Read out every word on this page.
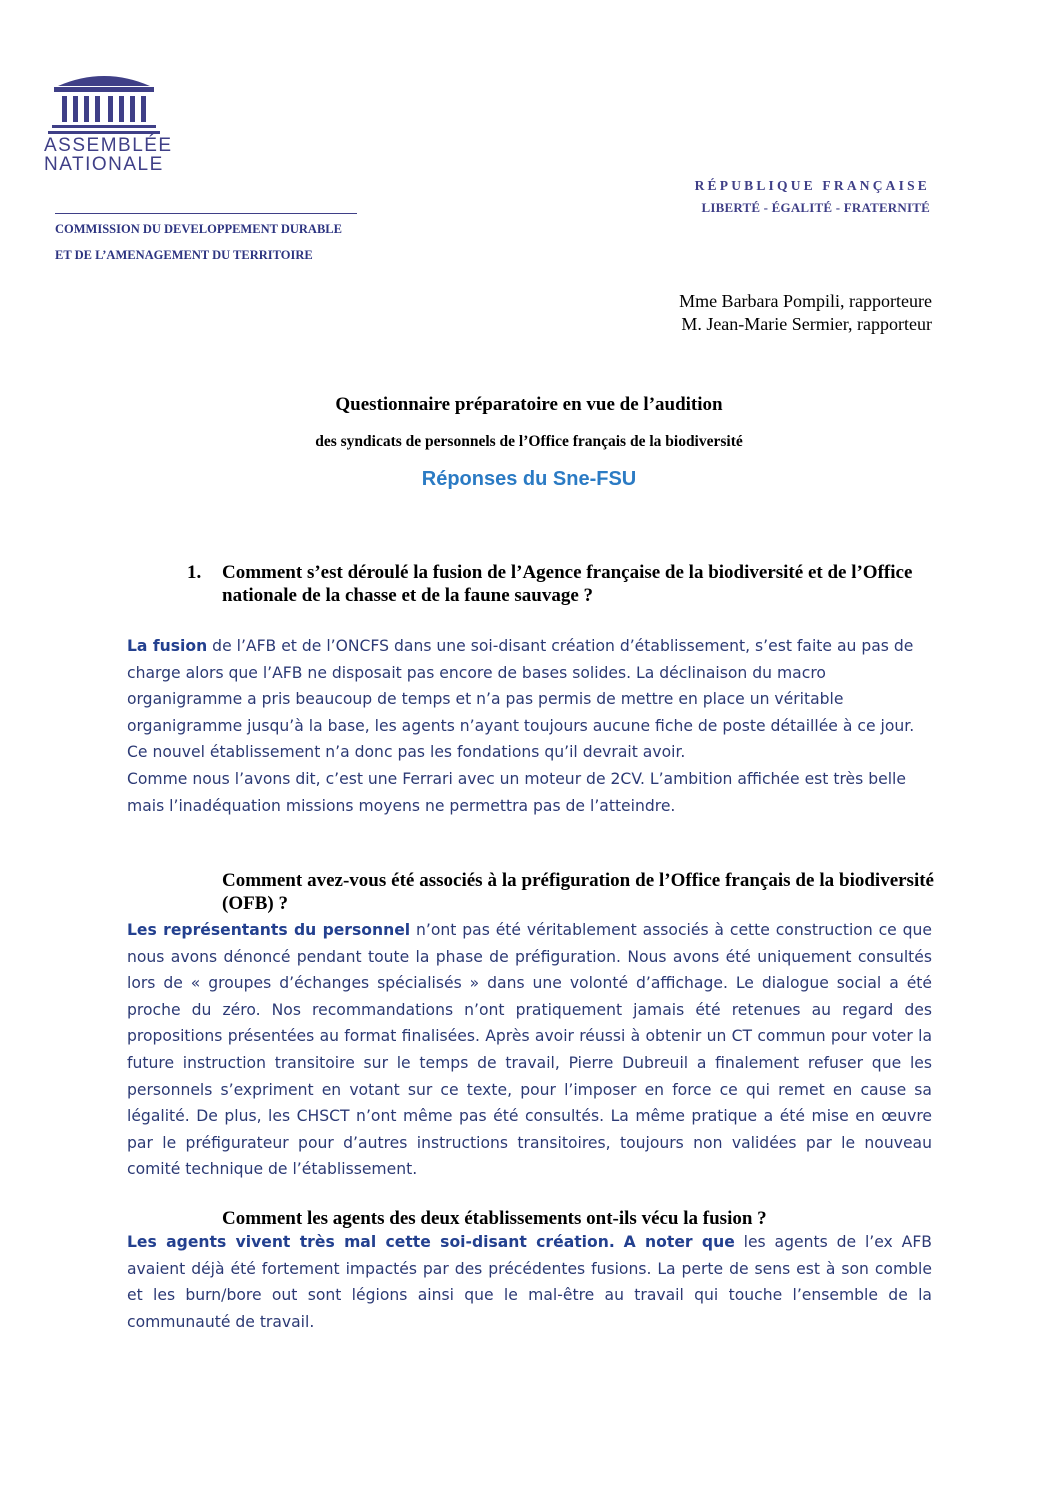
ASSEMBLÉE
NATIONALE
RÉPUBLIQUE FRANÇAISE
LIBERTÉ - ÉGALITÉ - FRATERNITÉ
COMMISSION DU DEVELOPPEMENT DURABLE
ET DE L’AMENAGEMENT DU TERRITOIRE
Mme Barbara Pompili, rapporteure
M. Jean-Marie Sermier, rapporteur
Questionnaire préparatoire en vue de l’audition
des syndicats de personnels de l’Office français de la biodiversité
Réponses du Sne-FSU
1. Comment s’est déroulé la fusion de l’Agence française de la biodiversité et de l’Office nationale de la chasse et de la faune sauvage ?

La fusion de l’AFB et de l’ONCFS dans une soi-disant création d’établissement, s’est faite au pas de charge alors que l’AFB ne disposait pas encore de bases solides. La déclinaison du macro organigramme a pris beaucoup de temps et n’a pas permis de mettre en place un véritable organigramme jusqu’à la base, les agents n’ayant toujours aucune fiche de poste détaillée à ce jour.

Ce nouvel établissement n’a donc pas les fondations qu’il devrait avoir.

Comme nous l’avons dit, c’est une Ferrari avec un moteur de 2CV. L’ambition affichée est très belle mais l’inadéquation missions moyens ne permettra pas de l’atteindre.

Comment avez-vous été associés à la préfiguration de l’Office français de la biodiversité (OFB) ?

Les représentants du personnel n’ont pas été véritablement associés à cette construction ce que nous avons dénoncé pendant toute la phase de préfiguration. Nous avons été uniquement consultés lors de « groupes d’échanges spécialisés » dans une volonté d’affichage. Le dialogue social a été proche du zéro. Nos recommandations n’ont pratiquement jamais été retenues au regard des propositions présentées au format finalisées. Après avoir réussi à obtenir un CT commun pour voter la future instruction transitoire sur le temps de travail, Pierre Dubreuil a finalement refuser que les personnels s’expriment en votant sur ce texte, pour l’imposer en force ce qui remet en cause sa légalité. De plus, les CHSCT n’ont même pas été consultés. La même pratique a été mise en œuvre par le préfigurateur pour d’autres instructions transitoires, toujours non validées par le nouveau comité technique de l’établissement.

Comment les agents des deux établissements ont-ils vécu la fusion ?

Les agents vivent très mal cette soi-disant création. A noter que les agents de l’ex AFB avaient déjà été fortement impactés par des précédentes fusions. La perte de sens est à son comble et les burn/bore out sont légions ainsi que le mal-être au travail qui touche l’ensemble de la communauté de travail.
